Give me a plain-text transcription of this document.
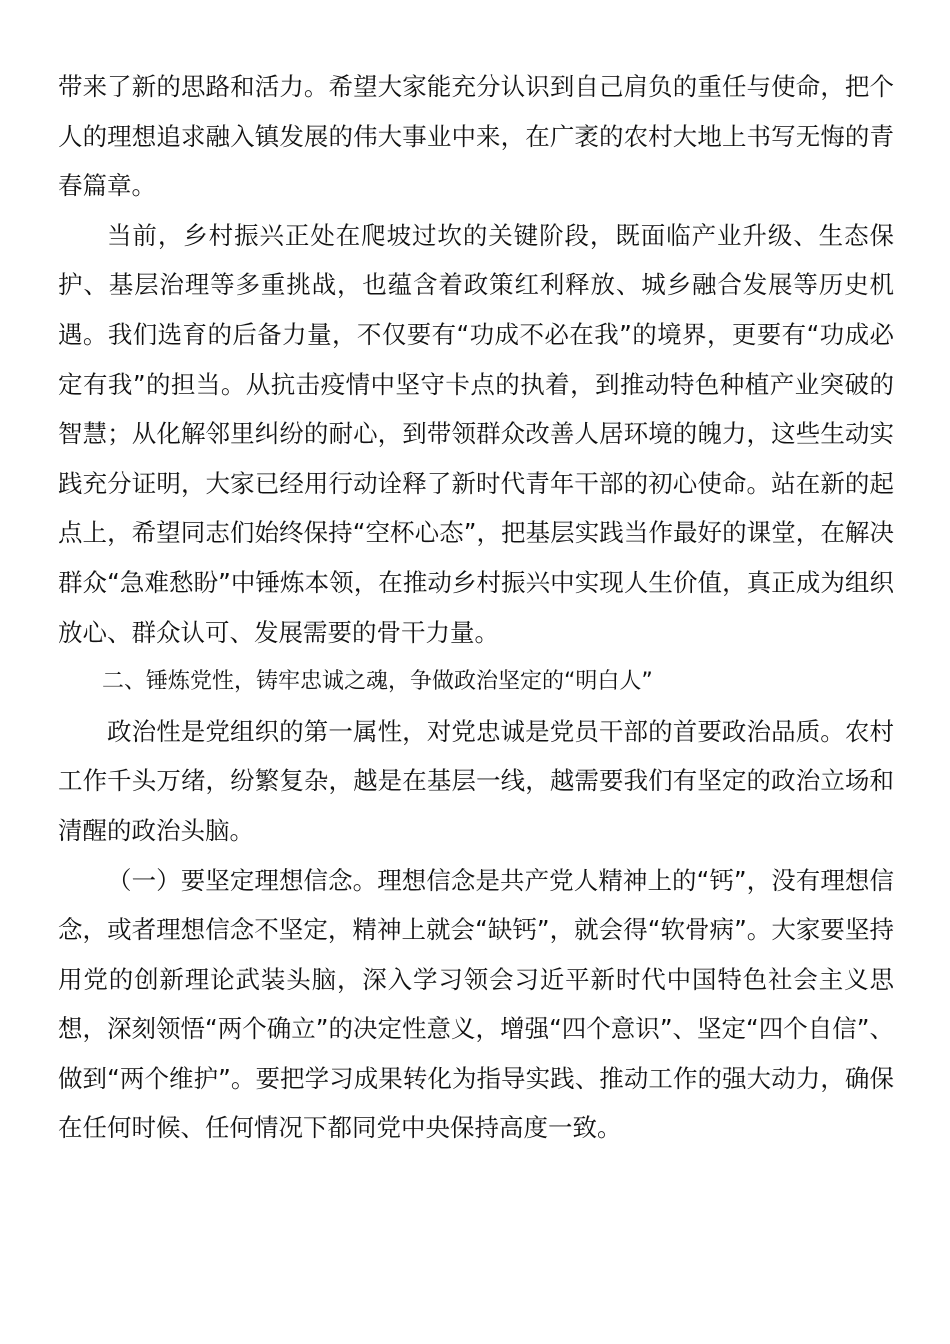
带来了新的思路和活力。希望大家能充分认识到自己肩负的重任与使命，把个人的理想追求融入镇发展的伟大事业中来，在广袤的农村大地上书写无悔的青春篇章。

当前，乡村振兴正处在爬坡过坎的关键阶段，既面临产业升级、生态保护、基层治理等多重挑战，也蕴含着政策红利释放、城乡融合发展等历史机遇。我们选育的后备力量，不仅要有“功成不必在我”的境界，更要有“功成必定有我”的担当。从抗击疫情中坚守卡点的执着，到推动特色种植产业突破的智慧；从化解邻里纠纷的耐心，到带领群众改善人居环境的魄力，这些生动实践充分证明，大家已经用行动诠释了新时代青年干部的初心使命。站在新的起点上，希望同志们始终保持“空杯心态”，把基层实践当作最好的课堂，在解决群众“急难愁盼”中锤炼本领，在推动乡村振兴中实现人生价值，真正成为组织放心、群众认可、发展需要的骨干力量。

二、锤炼党性，铸牢忠诚之魂，争做政治坚定的“明白人”

政治性是党组织的第一属性，对党忠诚是党员干部的首要政治品质。农村工作千头万绪，纷繁复杂，越是在基层一线，越需要我们有坚定的政治立场和清醒的政治头脑。

（一）要坚定理想信念。理想信念是共产党人精神上的“钙”，没有理想信念，或者理想信念不坚定，精神上就会“缺钙”，就会得“软骨病”。大家要坚持用党的创新理论武装头脑，深入学习领会习近平新时代中国特色社会主义思想，深刻领悟“两个确立”的决定性意义，增强“四个意识”、坚定“四个自信”、做到“两个维护”。要把学习成果转化为指导实践、推动工作的强大动力，确保在任何时候、任何情况下都同党中央保持高度一致。
